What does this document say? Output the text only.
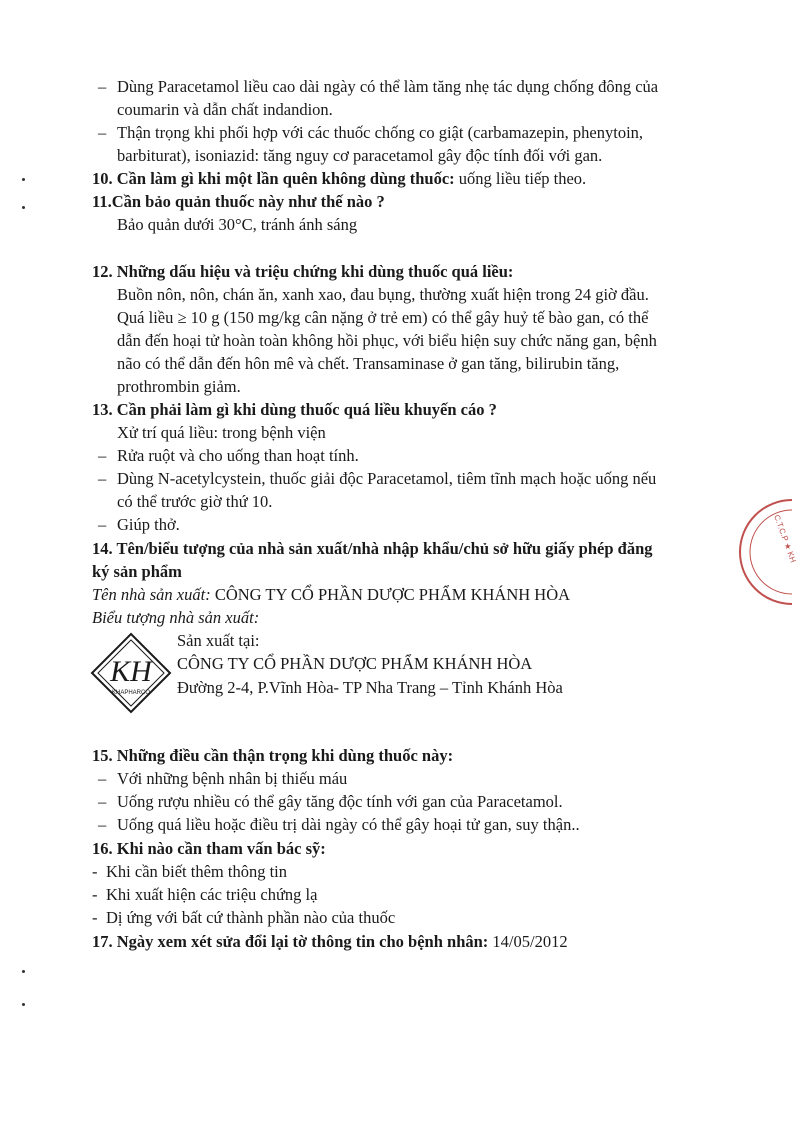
– Dùng Paracetamol liều cao dài ngày có thể làm tăng nhẹ tác dụng chống đông của
coumarin và dẫn chất indandion.
– Thận trọng khi phối hợp với các thuốc chống co giật (carbamazepin, phenytoin,
barbiturat), isoniazid: tăng nguy cơ paracetamol gây độc tính đối với gan.
10. Cần làm gì khi một lần quên không dùng thuốc: uống liều tiếp theo.
11.Cần bảo quản thuốc này như thế nào ?
Bảo quản dưới 30°C, tránh ánh sáng
12. Những dấu hiệu và triệu chứng khi dùng thuốc quá liều:
Buồn nôn, nôn, chán ăn, xanh xao, đau bụng, thường xuất hiện trong 24 giờ đầu.
Quá liều ≥ 10 g (150 mg/kg cân nặng ở trẻ em) có thể gây huỷ tế bào gan, có thể
dẫn đến hoại tử hoàn toàn không hồi phục, với biểu hiện suy chức năng gan, bệnh
não có thể dẫn đến hôn mê và chết. Transaminase ở gan tăng, bilirubin tăng,
prothrombin giảm.
13. Cần phải làm gì khi dùng thuốc quá liều khuyến cáo ?
Xử trí quá liều: trong bệnh viện
– Rửa ruột và cho uống than hoạt tính.
– Dùng N-acetylcystein, thuốc giải độc Paracetamol, tiêm tĩnh mạch hoặc uống nếu
có thể trước giờ thứ 10.
– Giúp thở.
14. Tên/biểu tượng của nhà sản xuất/nhà nhập khẩu/chủ sở hữu giấy phép đăng
ký sản phẩm
Tên nhà sản xuất: CÔNG TY CỔ PHẦN DƯỢC PHẨM KHÁNH HÒA
Biểu tượng nhà sản xuất:
KH
KHAPHARCO
Sản xuất tại:
CÔNG TY CỔ PHẦN DƯỢC PHẨM KHÁNH HÒA
Đường 2-4, P.Vĩnh Hòa- TP Nha Trang – Tỉnh Khánh Hòa
15. Những điều cần thận trọng khi dùng thuốc này:
– Với những bệnh nhân bị thiếu máu
– Uống rượu nhiều có thể gây tăng độc tính với gan của Paracetamol.
– Uống quá liều hoặc điều trị dài ngày có thể gây hoại tử gan, suy thận..
16. Khi nào cần tham vấn bác sỹ:
- Khi cần biết thêm thông tin
- Khi xuất hiện các triệu chứng lạ
- Dị ứng với bất cứ thành phần nào của thuốc
17. Ngày xem xét sửa đổi lại tờ thông tin cho bệnh nhân: 14/05/2012
C.T.C.P ★ KH
